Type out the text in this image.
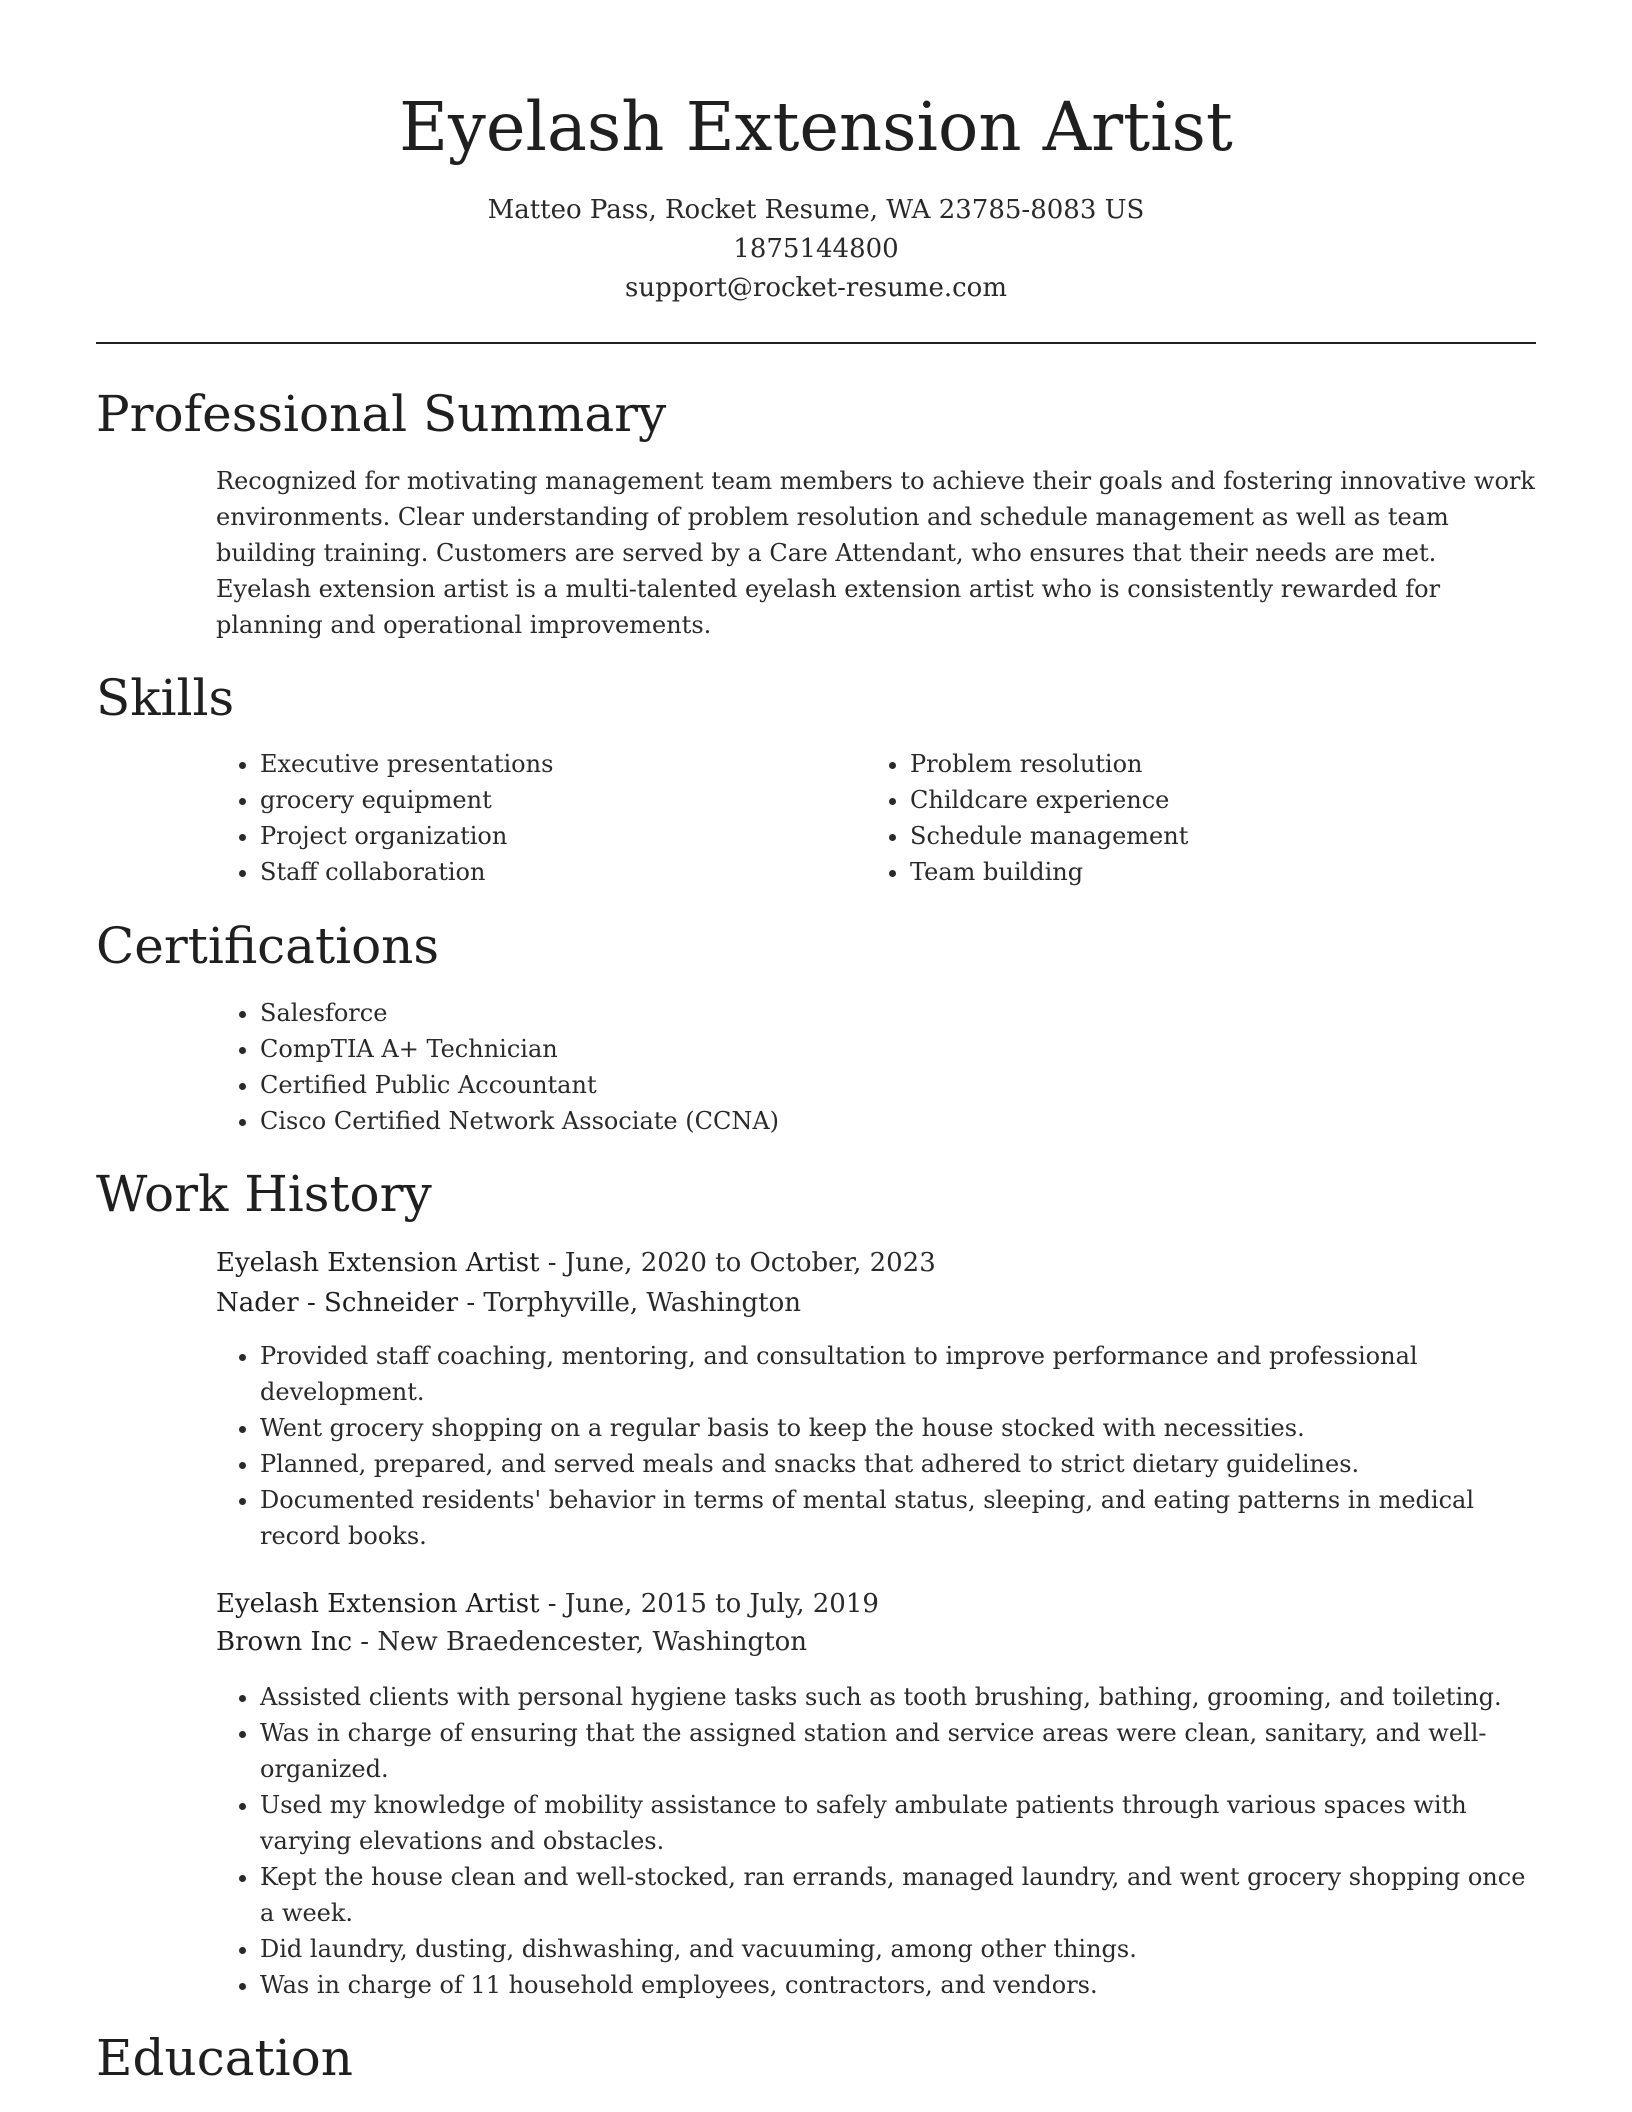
Eyelash Extension Artist
Matteo Pass, Rocket Resume, WA 23785-8083 US
1875144800
support@rocket-resume.com
Professional Summary

Recognized for motivating management team members to achieve their goals and fostering innovative work environments. Clear understanding of problem resolution and schedule management as well as team building training. Customers are served by a Care Attendant, who ensures that their needs are met. Eyelash extension artist is a multi-talented eyelash extension artist who is consistently rewarded for planning and operational improvements.

Skills
• Executive presentations
• grocery equipment
• Project organization
• Staff collaboration
• Problem resolution
• Childcare experience
• Schedule management
• Team building
Certifications
• Salesforce
• CompTIA A+ Technician
• Certified Public Accountant
• Cisco Certified Network Associate (CCNA)
Work History
Eyelash Extension Artist - June, 2020 to October, 2023
Nader - Schneider - Torphyville, Washington
• Provided staff coaching, mentoring, and consultation to improve performance and professional development.
• Went grocery shopping on a regular basis to keep the house stocked with necessities.
• Planned, prepared, and served meals and snacks that adhered to strict dietary guidelines.
• Documented residents' behavior in terms of mental status, sleeping, and eating patterns in medical record books.
Eyelash Extension Artist - June, 2015 to July, 2019
Brown Inc - New Braedencester, Washington
• Assisted clients with personal hygiene tasks such as tooth brushing, bathing, grooming, and toileting.
• Was in charge of ensuring that the assigned station and service areas were clean, sanitary, and well-organized.
• Used my knowledge of mobility assistance to safely ambulate patients through various spaces with varying elevations and obstacles.
• Kept the house clean and well-stocked, ran errands, managed laundry, and went grocery shopping once a week.
• Did laundry, dusting, dishwashing, and vacuuming, among other things.
• Was in charge of 11 household employees, contractors, and vendors.
Education
